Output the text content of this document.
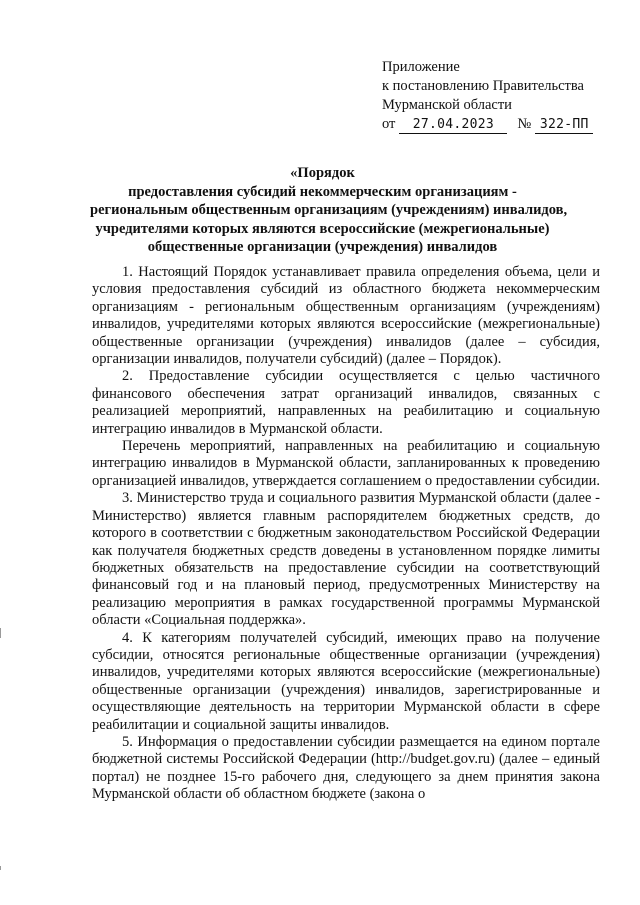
Приложение
к постановлению Правительства
Мурманской области
от	27.04.2023	№ 322-ПП
«Порядок
предоставления субсидий некоммерческим организациям -
региональным общественным организациям (учреждениям) инвалидов,
учредителями которых являются всероссийские (межрегиональные)
общественные организации (учреждения) инвалидов

1. Настоящий Порядок устанавливает правила определения объема, цели и условия предоставления субсидий из областного бюджета некоммерческим организациям - региональным общественным организациям (учреждениям) инвалидов, учредителями которых являются всероссийские (межрегиональные) общественные организации (учреждения) инвалидов (далее – субсидия, организации инвалидов, получатели субсидий) (далее – Порядок).

2. Предоставление субсидии осуществляется с целью частичного финансового обеспечения затрат организаций инвалидов, связанных с реализацией мероприятий, направленных на реабилитацию и социальную интеграцию инвалидов в Мурманской области.

Перечень мероприятий, направленных на реабилитацию и социальную интеграцию инвалидов в Мурманской области, запланированных к проведению организацией инвалидов, утверждается соглашением о предоставлении субсидии.

3. Министерство труда и социального развития Мурманской области (далее - Министерство) является главным распорядителем бюджетных средств, до которого в соответствии с бюджетным законодательством Российской Федерации как получателя бюджетных средств доведены в установленном порядке лимиты бюджетных обязательств на предоставление субсидии на соответствующий финансовый год и на плановый период, предусмотренных Министерству на реализацию мероприятия в рамках государственной программы Мурманской области «Социальная поддержка».

4. К категориям получателей субсидий, имеющих право на получение субсидии, относятся региональные общественные организации (учреждения) инвалидов, учредителями которых являются всероссийские (межрегиональные) общественные организации (учреждения) инвалидов, зарегистрированные и осуществляющие деятельность на территории Мурманской области в сфере реабилитации и социальной защиты инвалидов.

5. Информация о предоставлении субсидии размещается на едином портале бюджетной системы Российской Федерации (http://budget.gov.ru) (далее – единый портал) не позднее 15-го рабочего дня, следующего за днем принятия закона Мурманской области об областном бюджете (закона о
